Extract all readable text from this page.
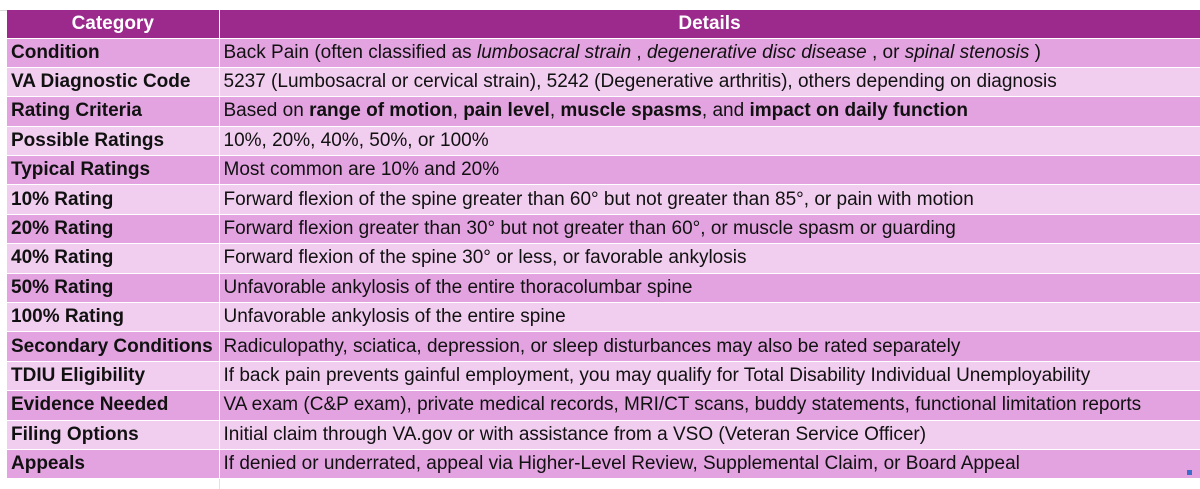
Category	Details
Condition	Back Pain (often classified as lumbosacral strain , degenerative disc disease , or spinal stenosis )
VA Diagnostic Code	5237 (Lumbosacral or cervical strain), 5242 (Degenerative arthritis), others depending on diagnosis
Rating Criteria	Based on range of motion, pain level, muscle spasms, and impact on daily function
Possible Ratings	10%, 20%, 40%, 50%, or 100%
Typical Ratings	Most common are 10% and 20%
10% Rating	Forward flexion of the spine greater than 60° but not greater than 85°, or pain with motion
20% Rating	Forward flexion greater than 30° but not greater than 60°, or muscle spasm or guarding
40% Rating	Forward flexion of the spine 30° or less, or favorable ankylosis
50% Rating	Unfavorable ankylosis of the entire thoracolumbar spine
100% Rating	Unfavorable ankylosis of the entire spine
Secondary Conditions	Radiculopathy, sciatica, depression, or sleep disturbances may also be rated separately
TDIU Eligibility	If back pain prevents gainful employment, you may qualify for Total Disability Individual Unemployability
Evidence Needed	VA exam (C&P exam), private medical records, MRI/CT scans, buddy statements, functional limitation reports
Filing Options	Initial claim through VA.gov or with assistance from a VSO (Veteran Service Officer)
Appeals	If denied or underrated, appeal via Higher-Level Review, Supplemental Claim, or Board Appeal
